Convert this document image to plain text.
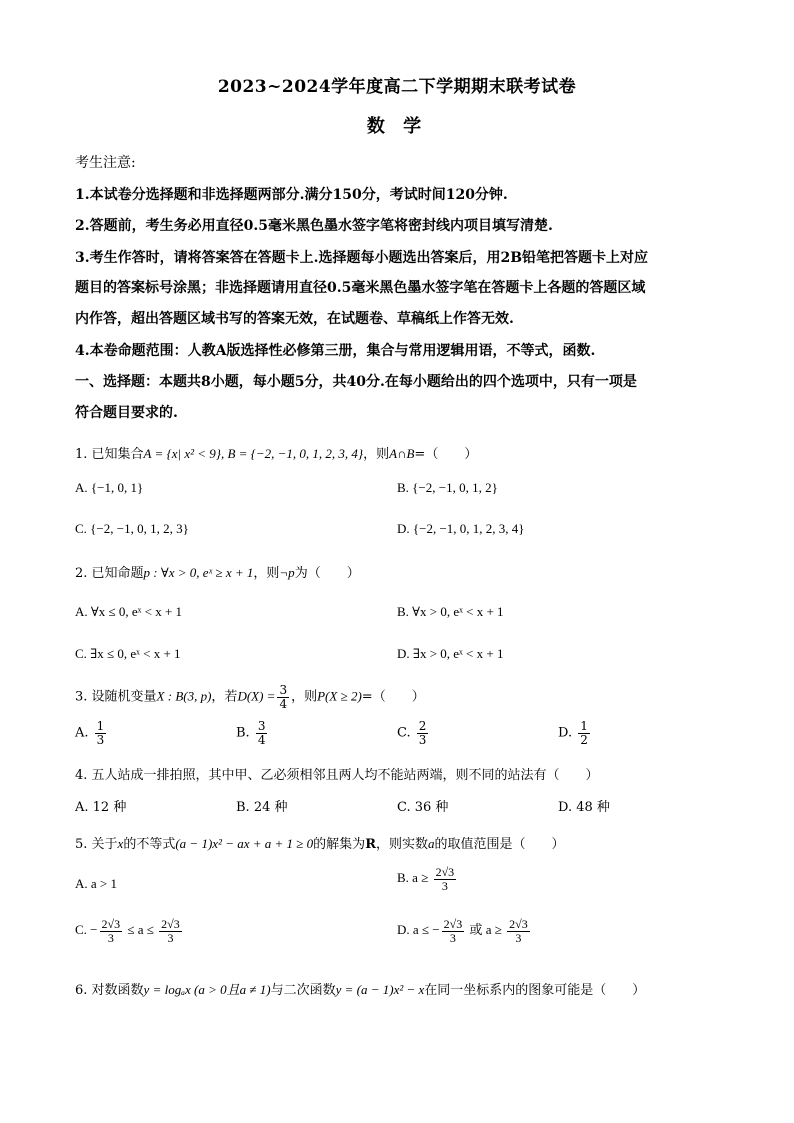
2023~2024学年度高二下学期期末联考试卷
数 学
考生注意:
1.本试卷分选择题和非选择题两部分.满分150分，考试时间120分钟.
2.答题前，考生务必用直径0.5毫米黑色墨水签字笔将密封线内项目填写清楚.
3.考生作答时，请将答案答在答题卡上.选择题每小题选出答案后，用2B铅笔把答题卡上对应
题目的答案标号涂黑；非选择题请用直径0.5毫米黑色墨水签字笔在答题卡上各题的答题区域
内作答，超出答题区域书写的答案无效，在试题卷、草稿纸上作答无效.
4.本卷命题范围：人教A版选择性必修第三册，集合与常用逻辑用语，不等式，函数.
一、选择题：本题共8小题，每小题5分，共40分.在每小题给出的四个选项中，只有一项是
符合题目要求的.
1. 已知集合A = {x| x² < 9}, B = {−2, −1, 0, 1, 2, 3, 4}，则A∩B=（　　）
A. {−1, 0, 1}	B. {−2, −1, 0, 1, 2}
C. {−2, −1, 0, 1, 2, 3}	D. {−2, −1, 0, 1, 2, 3, 4}
2. 已知命题p : ∀x > 0, eˣ ≥ x + 1，则¬p为（　　）
A. ∀x ≤ 0, eˣ < x + 1	B. ∀x > 0, eˣ < x + 1
C. ∃x ≤ 0, eˣ < x + 1	D. ∃x > 0, eˣ < x + 1
3. 设随机变量X : B(3, p)，若$D(X) = \frac{3}{4}$ ，则P(X ≥ 2)=（　　）
A. $\frac{1}{3}$	B. $\frac{3}{4}$	C. $\frac{2}{3}$	D. $\frac{1}{2}$
4. 五人站成一排拍照，其中甲、乙必须相邻且两人均不能站两端，则不同的站法有（　　）
A. 12 种	B. 24 种	C. 36 种	D. 48 种
5. 关于x的不等式(a − 1)x² − ax + a + 1 ≥ 0的解集为R，则实数a的取值范围是（　　）
A. a > 1	B. $a \ge \frac{2√3}{3}$
C. − $\frac{2√3}{3} \le a \le \frac{2√3}{3}$	D. a ≤ − $\frac{2√3}{3}$ 或 $a \ge \frac{2√3}{3}$
6. 对数函数y = logₐx (a > 0且a ≠ 1)与二次函数y = (a − 1)x² − x在同一坐标系内的图象可能是（　　）
